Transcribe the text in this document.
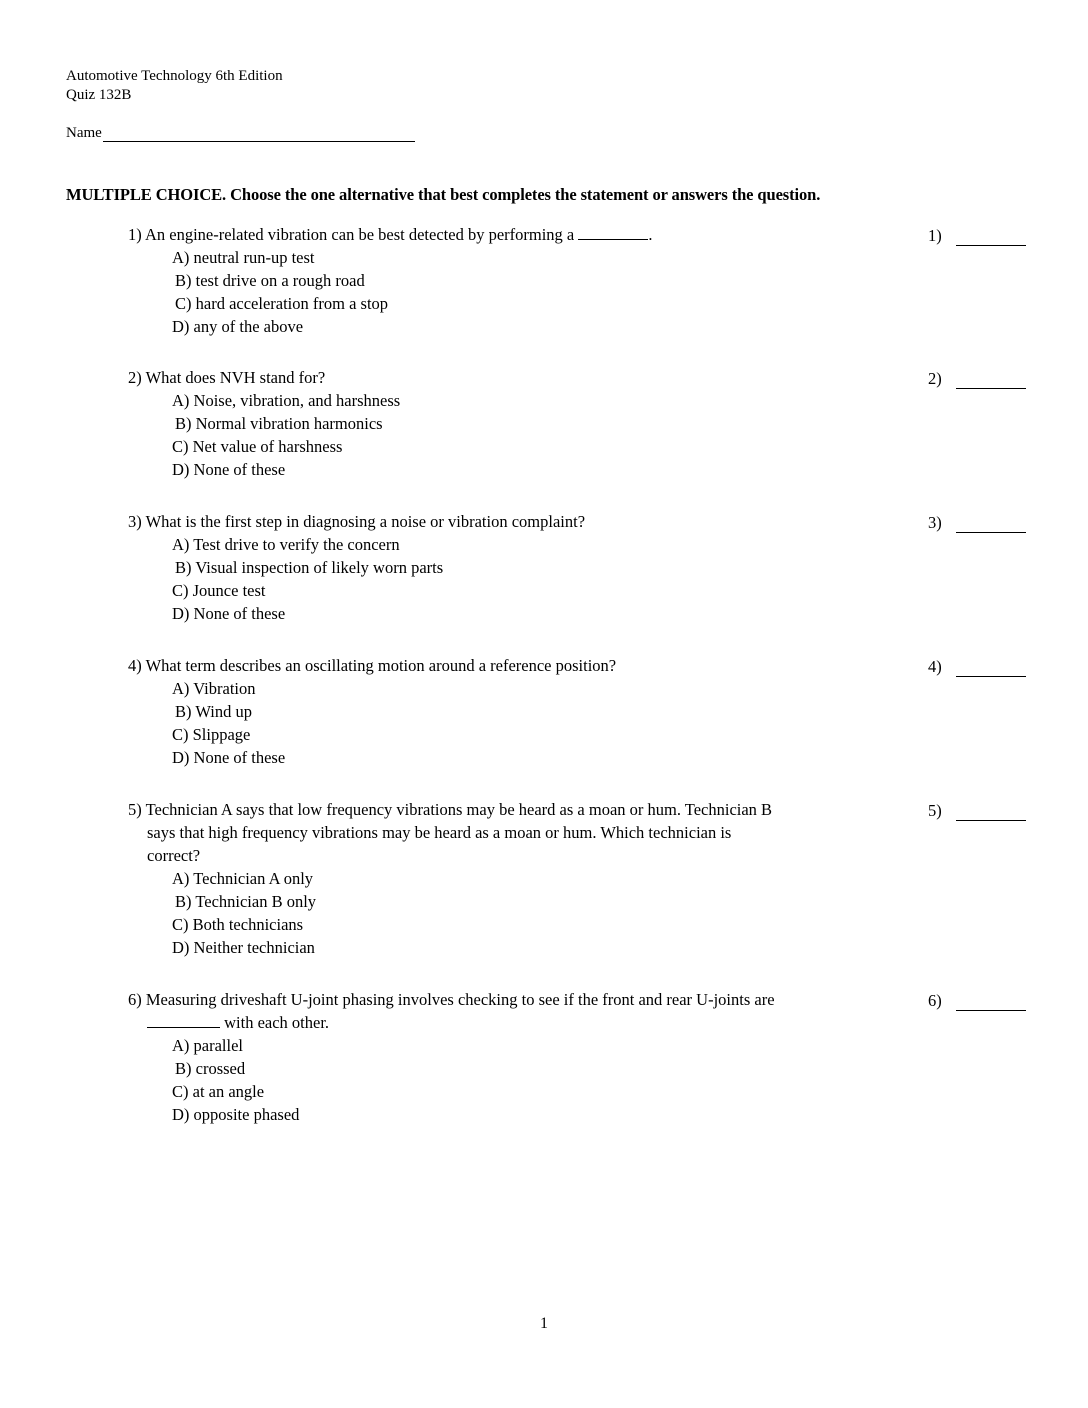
Automotive Technology 6th Edition
Quiz 132B
Name
MULTIPLE CHOICE. Choose the one alternative that best completes the statement or answers the question.
1) An engine-related vibration can be best detected by performing a	.	1)
A) neutral run-up test
B) test drive on a rough road
C) hard acceleration from a stop
D) any of the above
2) What does NVH stand for?	2)
A) Noise, vibration, and harshness
B) Normal vibration harmonics
C) Net value of harshness
D) None of these
3) What is the first step in diagnosing a noise or vibration complaint?	3)
A) Test drive to verify the concern
B) Visual inspection of likely worn parts
C) Jounce test
D) None of these
4) What term describes an oscillating motion around a reference position?	4)
A) Vibration
B) Wind up
C) Slippage
D) None of these
5) Technician A says that low frequency vibrations may be heard as a moan or hum. Technician B	5)
says that high frequency vibrations may be heard as a moan or hum. Which technician is
correct?
A) Technician A only
B) Technician B only
C) Both technicians
D) Neither technician
6) Measuring driveshaft U-joint phasing involves checking to see if the front and rear U-joints are	6)
with each other.
A) parallel
B) crossed
C) at an angle
D) opposite phased
1
